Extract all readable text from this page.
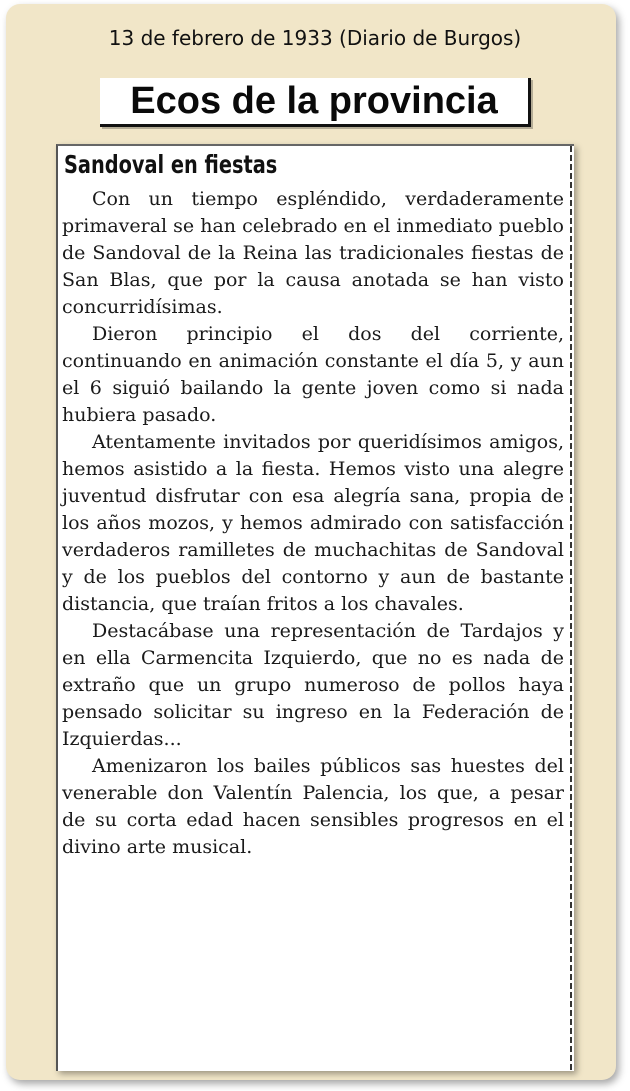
13 de febrero de 1933 (Diario de Burgos)
Ecos de la provincia
Sandoval en fiestas

Con un tiempo espléndido, verdaderamente primaveral se han celebrado en el inmediato pueblo de Sandoval de la Reina las tradicionales fiestas de San Blas, que por la causa anotada se han visto concurridísimas.

Dieron principio el dos del corriente, continuando en animación constante el día 5, y aun el 6 siguió bailando la gente joven como si nada hubiera pasado.

Atentamente invitados por queridísimos amigos, hemos asistido a la fiesta. Hemos visto una alegre juventud disfrutar con esa alegría sana, propia de los años mozos, y hemos admirado con satisfacción verdaderos ramilletes de muchachitas de Sandoval y de los pueblos del contorno y aun de bastante distancia, que traían fritos a los chavales.

Destacábase una representación de Tardajos y en ella Carmencita Izquierdo, que no es nada de extraño que un grupo numeroso de pollos haya pensado solicitar su ingreso en la Federación de Izquierdas...

Amenizaron los bailes públicos sas huestes del venerable don Valentín Palencia, los que, a pesar de su corta edad hacen sensibles progresos en el divino arte musical.
